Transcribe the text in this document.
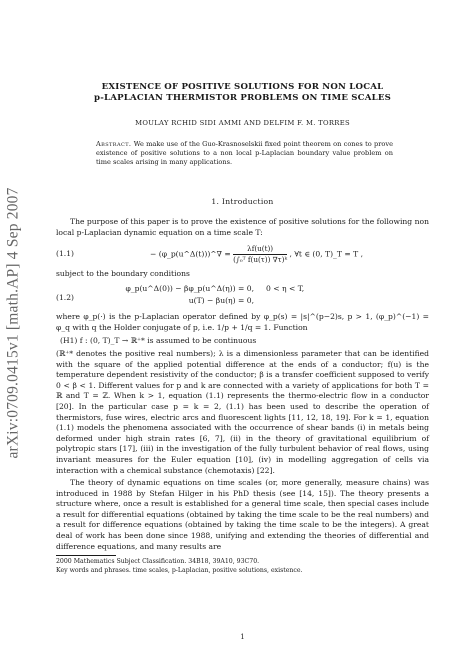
arXiv:0709.0415v1 [math.AP] 4 Sep 2007
EXISTENCE OF POSITIVE SOLUTIONS FOR NON LOCAL
p-LAPLACIAN THERMISTOR PROBLEMS ON TIME SCALES
MOULAY RCHID SIDI AMMI AND DELFIM F. M. TORRES
Abstract. We make use of the Guo-Krasnoselskii fixed point theorem on cones to prove existence of positive solutions to a non local p-Laplacian boundary value problem on time scales arising in many applications.
1. Introduction

The purpose of this paper is to prove the existence of positive solutions for the following non local p-Laplacian dynamic equation on a time scale T:

(1.1)	− (φ_p(u^Δ(t)))^∇ = $\frac{\lambda f(u(t))}{\text{(∫₀ᵀ f(u(τ)) ∇τ)ᵏ}}$ , ∀t ∈ (0, T)_T = T ,

subject to the boundary conditions

(1.2)
φ_p(u^Δ(0)) − βφ_p(u^Δ(η)) = 0,	0 < η < T,
u(T) − βu(η) = 0,

where φ_p(·) is the p-Laplacian operator defined by φ_p(s) = |s|^(p−2)s, p > 1, (φ_p)^(−1) = φ_q with q the Holder conjugate of p, i.e. 1/p + 1/q = 1. Function

(H1) f : (0, T)_T → ℝ⁺* is assumed to be continuous

(ℝ⁺* denotes the positive real numbers); λ is a dimensionless parameter that can be identified with the square of the applied potential difference at the ends of a conductor; f(u) is the temperature dependent resistivity of the conductor; β is a transfer coefficient supposed to verify 0 < β < 1. Different values for p and k are connected with a variety of applications for both T = ℝ and T = ℤ. When k > 1, equation (1.1) represents the thermo-electric flow in a conductor [20]. In the particular case p = k = 2, (1.1) has been used to describe the operation of thermistors, fuse wires, electric arcs and fluorescent lights [11, 12, 18, 19]. For k = 1, equation (1.1) models the phenomena associated with the occurrence of shear bands (i) in metals being deformed under high strain rates [6, 7], (ii) in the theory of gravitational equilibrium of polytropic stars [17], (iii) in the investigation of the fully turbulent behavior of real flows, using invariant measures for the Euler equation [10], (iv) in modelling aggregation of cells via interaction with a chemical substance (chemotaxis) [22].

The theory of dynamic equations on time scales (or, more generally, measure chains) was introduced in 1988 by Stefan Hilger in his PhD thesis (see [14, 15]). The theory presents a structure where, once a result is established for a general time scale, then special cases include a result for differential equations (obtained by taking the time scale to be the real numbers) and a result for difference equations (obtained by taking the time scale to be the integers). A great deal of work has been done since 1988, unifying and extending the theories of differential and difference equations, and many results are

2000 Mathematics Subject Classification. 34B18, 39A10, 93C70.
Key words and phrases. time scales, p-Laplacian, positive solutions, existence.
1
